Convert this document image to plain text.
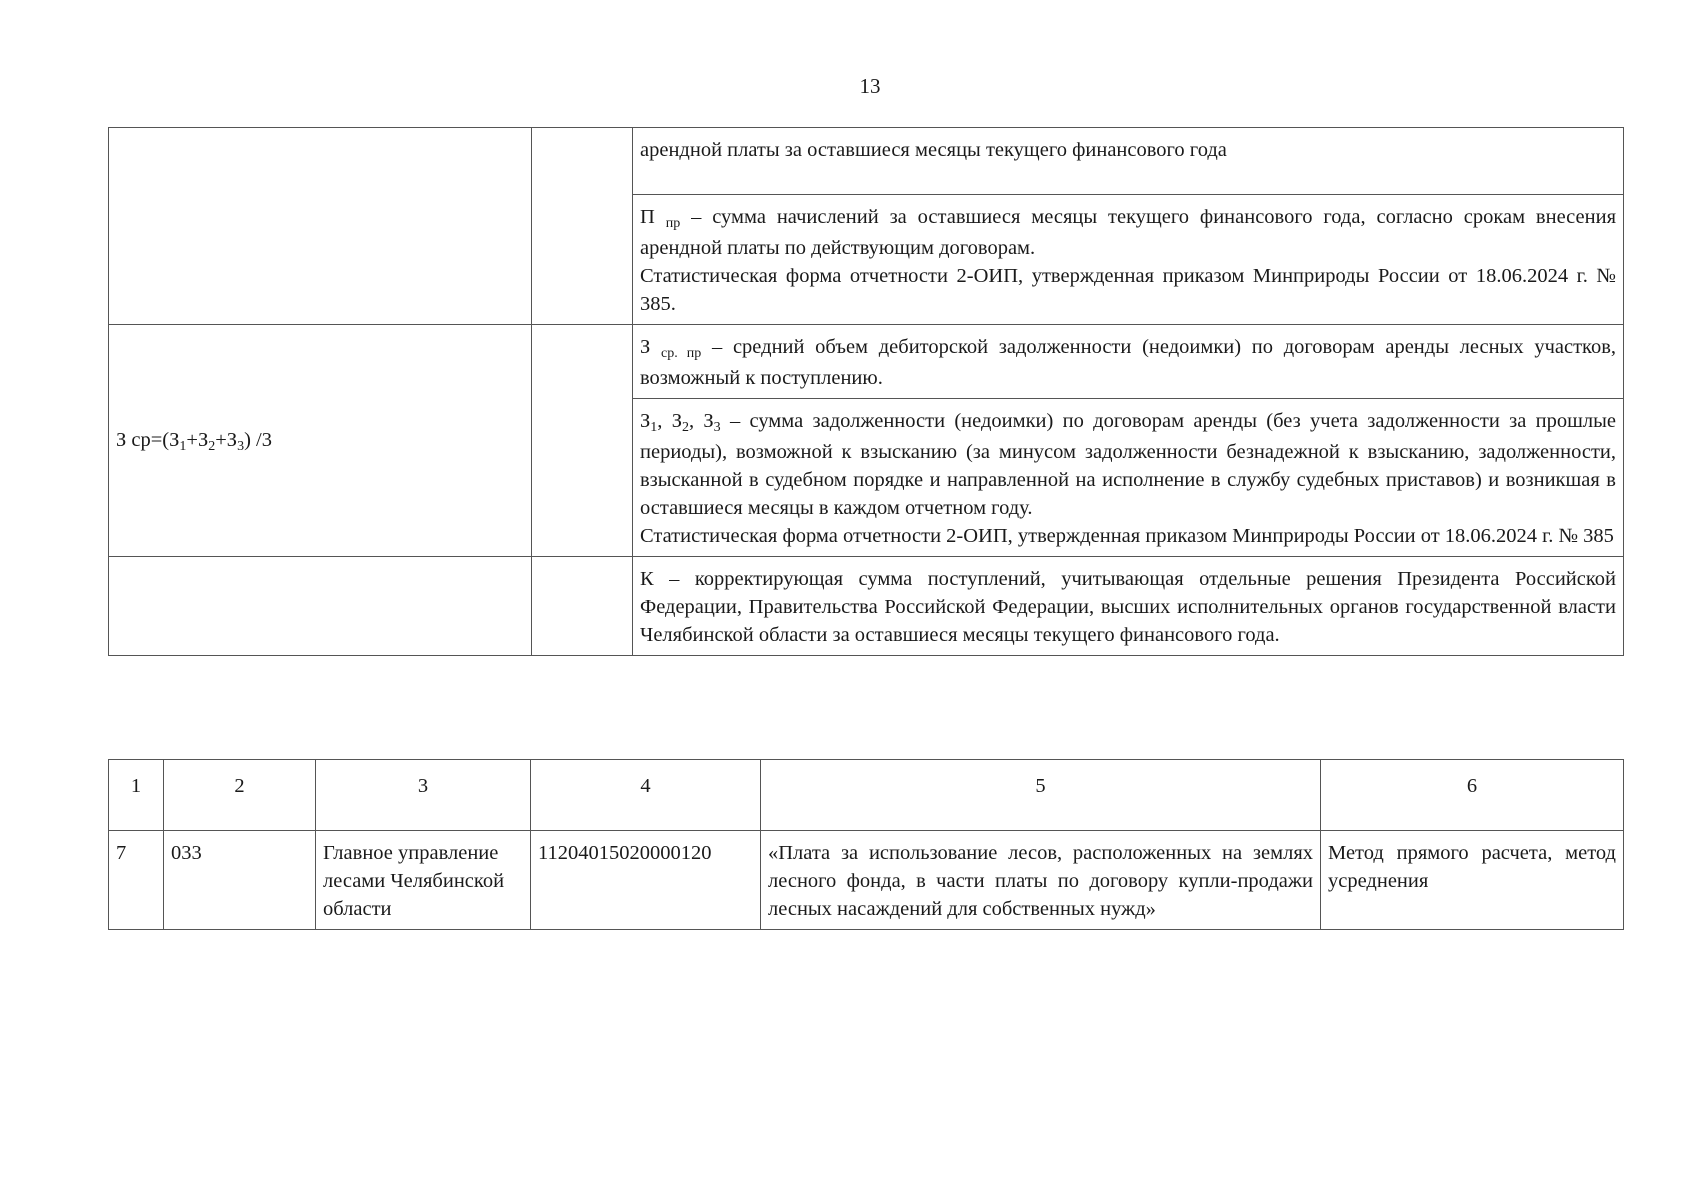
13
		арендной платы за оставшиеся месяцы текущего финансового года
		П пр – сумма начислений за оставшиеся месяцы текущего финансового года, согласно срокам внесения арендной платы по действующим договорам.
Статистическая форма отчетности 2-ОИП, утвержденная приказом Минприроды России от 18.06.2024 г. № 385.

З ср=(З1+З2+З3) /3		З ср. пр – средний объем дебиторской задолженности (недоимки) по договорам аренды лесных участков, возможный к поступлению.
		З1, З2, З3 – сумма задолженности (недоимки) по договорам аренды (без учета задолженности за прошлые периоды), возможной к взысканию (за минусом задолженности безнадежной к взысканию, задолженности, взысканной в судебном порядке и направленной на исполнение в службу судебных приставов) и возникшая в оставшиеся месяцы в каждом отчетном году.
Статистическая форма отчетности 2-ОИП, утвержденная приказом Минприроды России от 18.06.2024 г. № 385

		К – корректирующая сумма поступлений, учитывающая отдельные решения Президента Российской Федерации, Правительства Российской Федерации, высших исполнительных органов государственной власти Челябинской области за оставшиеся месяцы текущего финансового года.
1	2	3	4	5	6
7	033	Главное управление лесами Челябинской области	11204015020000120	«Плата за использование лесов, расположенных на землях лесного фонда, в части платы по договору купли-продажи лесных насаждений для собственных нужд»	Метод прямого расчета, метод усреднения
